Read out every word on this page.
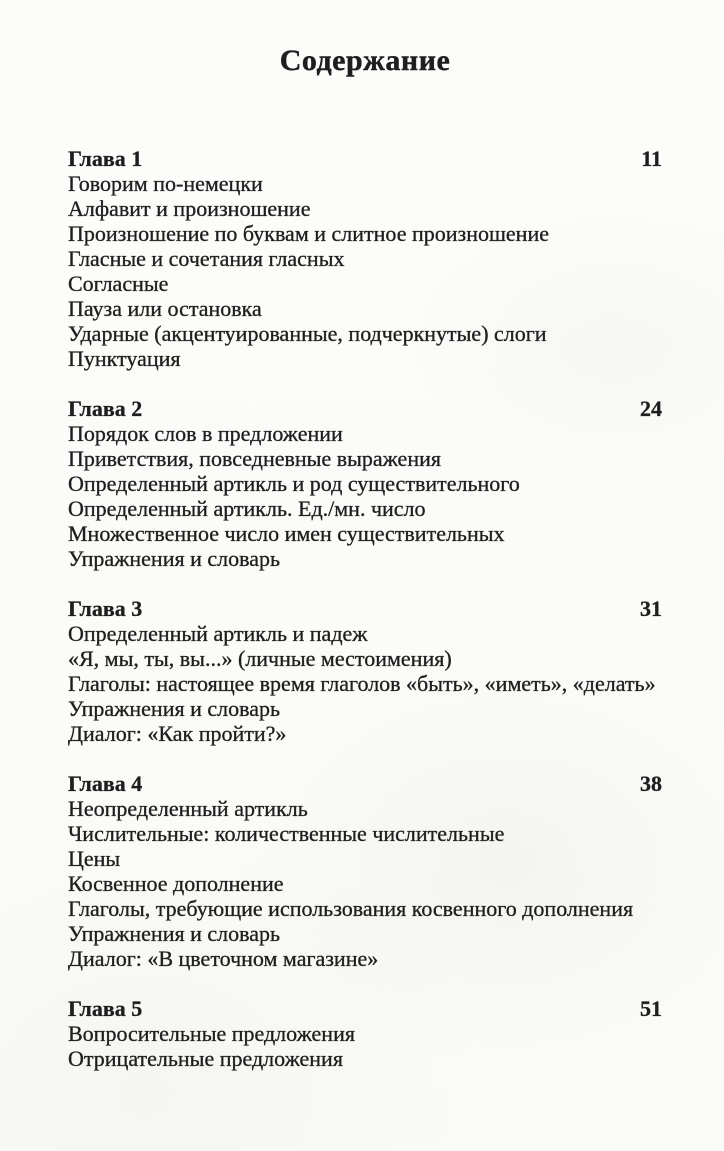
Содержание
Глава 1	11
Говорим по-немецки
Алфавит и произношение
Произношение по буквам и слитное произношение
Гласные и сочетания гласных
Согласные
Пауза или остановка
Ударные (акцентуированные, подчеркнутые) слоги
Пунктуация
Глава 2	24
Порядок слов в предложении
Приветствия, повседневные выражения
Определенный артикль и род существительного
Определенный артикль. Ед./мн. число
Множественное число имен существительных
Упражнения и словарь
Глава 3	31
Определенный артикль и падеж
«Я, мы, ты, вы...» (личные местоимения)
Глаголы: настоящее время глаголов «быть», «иметь», «делать»
Упражнения и словарь
Диалог: «Как пройти?»
Глава 4	38
Неопределенный артикль
Числительные: количественные числительные
Цены
Косвенное дополнение
Глаголы, требующие использования косвенного дополнения
Упражнения и словарь
Диалог: «В цветочном магазине»
Глава 5	51
Вопросительные предложения
Отрицательные предложения
